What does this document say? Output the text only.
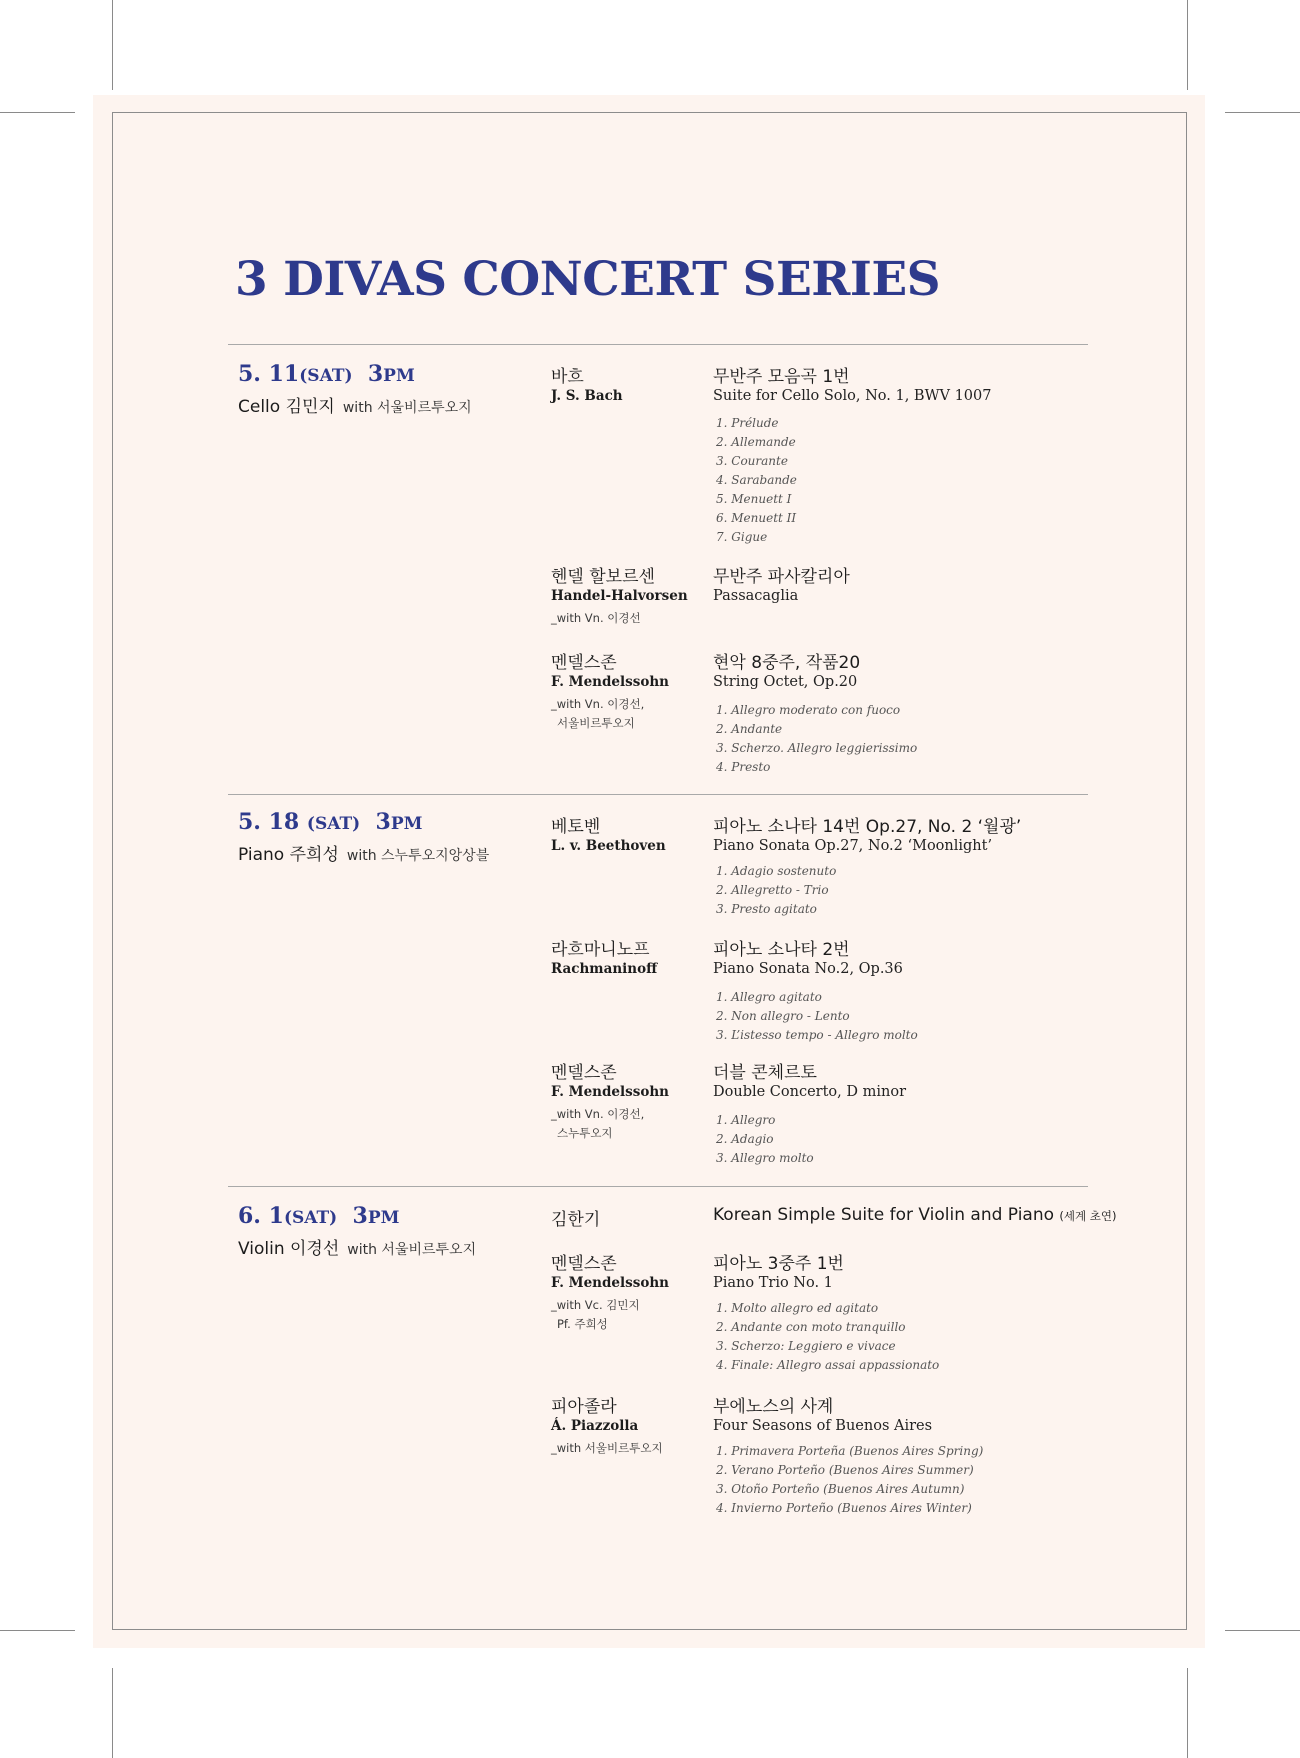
3 DIVAS CONCERT SERIES
5. 11(SAT) 3PM
Cello 김민지 with 서울비르투오지
바흐
J. S. Bach
무반주 모음곡 1번
Suite for Cello Solo, No. 1, BWV 1007
1. Prélude
2. Allemande
3. Courante
4. Sarabande
5. Menuett I
6. Menuett II
7. Gigue
헨델 할보르센
Handel-Halvorsen
_with Vn. 이경선
무반주 파사칼리아
Passacaglia
멘델스존
F. Mendelssohn
_with Vn. 이경선,
서울비르투오지
현악 8중주, 작품20
String Octet, Op.20
1. Allegro moderato con fuoco
2. Andante
3. Scherzo. Allegro leggierissimo
4. Presto
5. 18 (SAT) 3PM
Piano 주희성 with 스누투오지앙상블
베토벤
L. v. Beethoven
피아노 소나타 14번 Op.27, No. 2 ‘월광’
Piano Sonata Op.27, No.2 ‘Moonlight’
1. Adagio sostenuto
2. Allegretto - Trio
3. Presto agitato
라흐마니노프
Rachmaninoff
피아노 소나타 2번
Piano Sonata No.2, Op.36
1. Allegro agitato
2. Non allegro - Lento
3. L’istesso tempo - Allegro molto
멘델스존
F. Mendelssohn
_with Vn. 이경선,
스누투오지
더블 콘체르토
Double Concerto, D minor
1. Allegro
2. Adagio
3. Allegro molto
6. 1(SAT) 3PM
Violin 이경선 with 서울비르투오지
김한기	Korean Simple Suite for Violin and Piano (세계 초연)
멘델스존
F. Mendelssohn
_with Vc. 김민지
Pf. 주희성
피아노 3중주 1번
Piano Trio No. 1
1. Molto allegro ed agitato
2. Andante con moto tranquillo
3. Scherzo: Leggiero e vivace
4. Finale: Allegro assai appassionato
피아졸라
Á. Piazzolla
_with 서울비르투오지
부에노스의 사계
Four Seasons of Buenos Aires
1. Primavera Porteña (Buenos Aires Spring)
2. Verano Porteño (Buenos Aires Summer)
3. Otoño Porteño (Buenos Aires Autumn)
4. Invierno Porteño (Buenos Aires Winter)
